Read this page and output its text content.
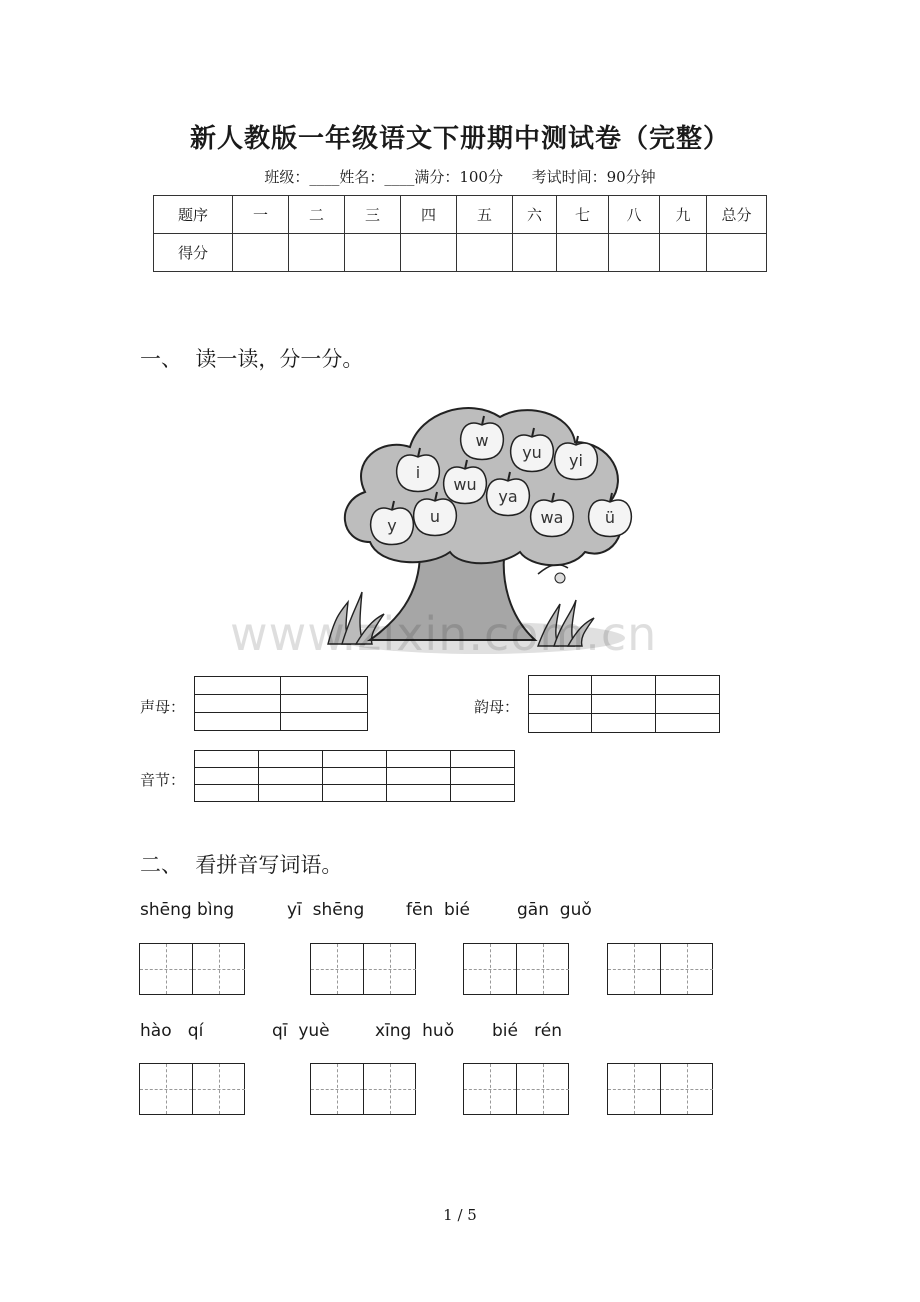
新人教版一年级语文下册期中测试卷（完整）
班级：____姓名：____满分：100分      考试时间：90分钟
题序	一	二	三	四	五	六	七	八	九	总分
得分										
一、  读一读，分一分。
w
yu
i
wu
yi
u
ya
y	wa	ü
www.zixin.com.cn
声母：

		韵母：

音节：

二、  看拼音写词语。
shēng bìng	yī  shēng fēn  bié	gān  guǒ
hào   qí	qī  yuè	xīng  huǒ bié   rén
1 / 5
